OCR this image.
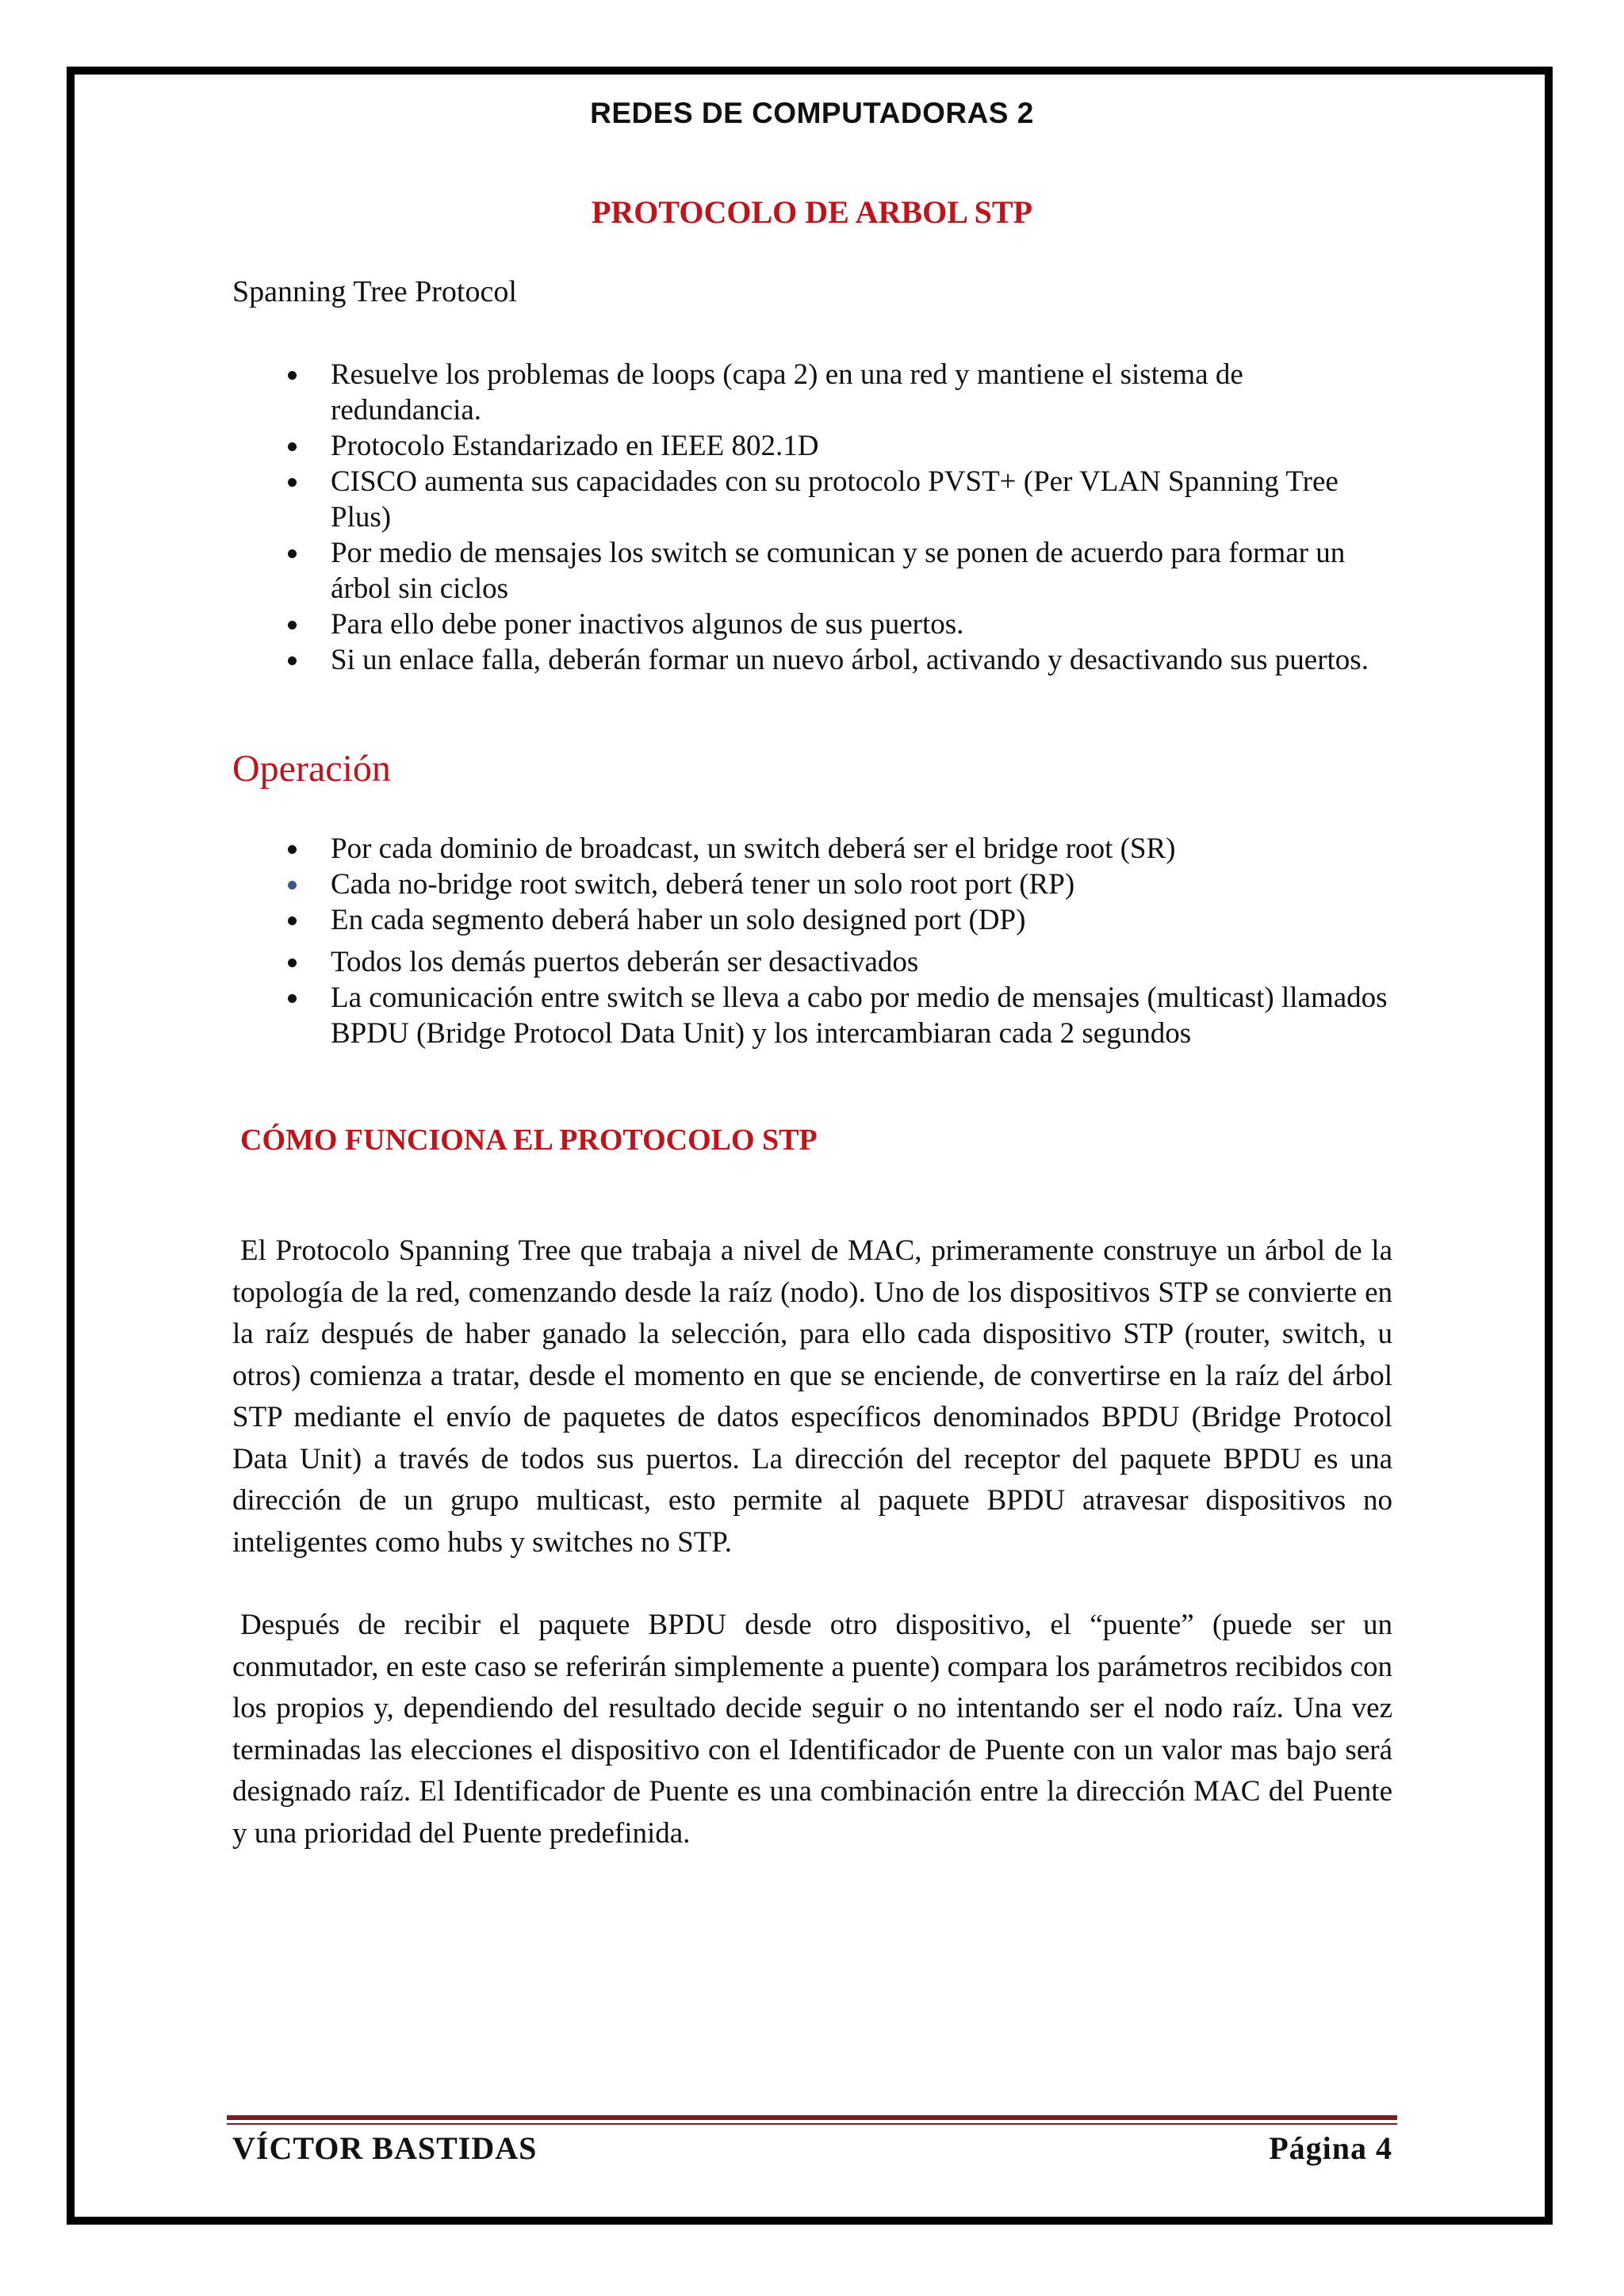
REDES DE COMPUTADORAS 2
PROTOCOLO DE ARBOL STP
Spanning Tree Protocol
Resuelve los problemas de loops (capa 2) en una red y mantiene el sistema de redundancia.
Protocolo Estandarizado en IEEE 802.1D
CISCO aumenta sus capacidades con su protocolo PVST+ (Per VLAN Spanning Tree Plus)
Por medio de mensajes los switch se comunican y se ponen de acuerdo para formar un árbol sin ciclos
Para ello debe poner inactivos algunos de sus puertos.
Si un enlace falla, deberán formar un nuevo árbol, activando y desactivando sus puertos.
Operación
Por cada dominio de broadcast, un switch deberá ser el bridge root (SR)
Cada no-bridge root switch, deberá tener un solo root port (RP)
En cada segmento deberá haber un solo designed port (DP)
Todos los demás puertos deberán ser desactivados
La comunicación entre switch se lleva a cabo por medio de mensajes (multicast) llamados BPDU (Bridge Protocol Data Unit) y los intercambiaran cada 2 segundos
CÓMO FUNCIONA EL PROTOCOLO STP

El Protocolo Spanning Tree que trabaja a nivel de MAC, primeramente construye un árbol de la topología de la red, comenzando desde la raíz (nodo). Uno de los dispositivos STP se convierte en la raíz después de haber ganado la selección, para ello cada dispositivo STP (router, switch, u otros) comienza a tratar, desde el momento en que se enciende, de convertirse en la raíz del árbol STP mediante el envío de paquetes de datos específicos denominados BPDU (Bridge Protocol Data Unit) a través de todos sus puertos. La dirección del receptor del paquete BPDU es una dirección de un grupo multicast, esto permite al paquete BPDU atravesar dispositivos no inteligentes como hubs y switches no STP.

Después de recibir el paquete BPDU desde otro dispositivo, el “puente” (puede ser un conmutador, en este caso se referirán simplemente a puente) compara los parámetros recibidos con los propios y, dependiendo del resultado decide seguir o no intentando ser el nodo raíz. Una vez terminadas las elecciones el dispositivo con el Identificador de Puente con un valor mas bajo será designado raíz. El Identificador de Puente es una combinación entre la dirección MAC del Puente y una prioridad del Puente predefinida.

VÍCTOR BASTIDAS	Página 4
